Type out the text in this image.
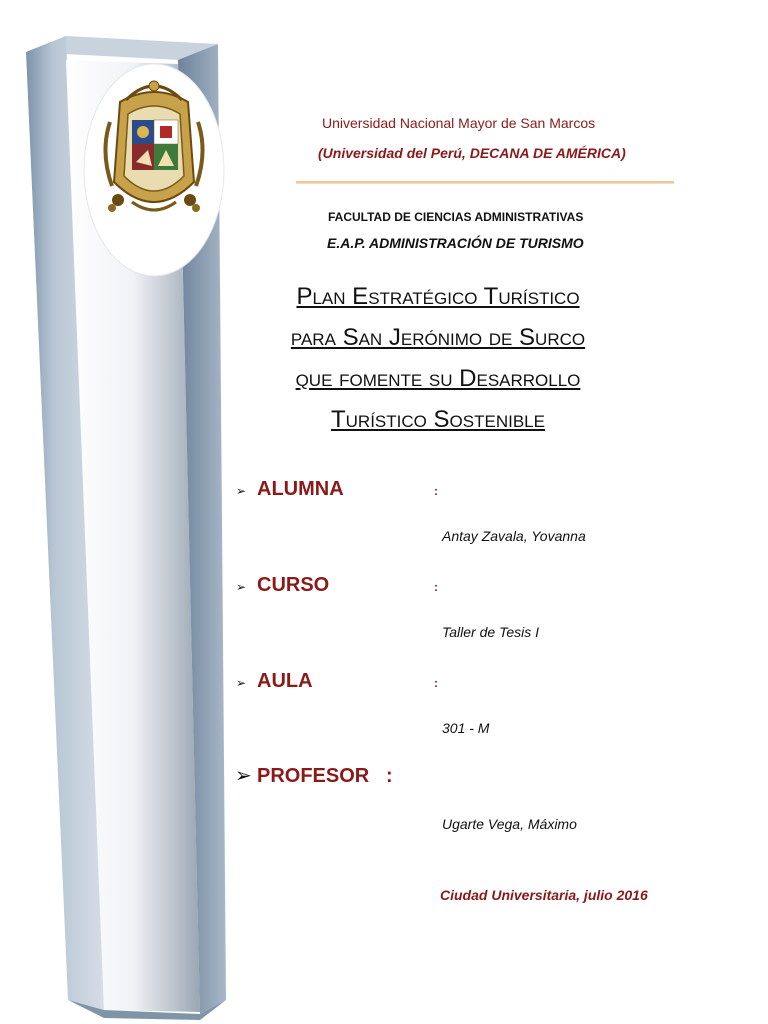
Universidad Nacional Mayor de San Marcos
(Universidad del Perú, DECANA DE AMÉRICA)
FACULTAD DE CIENCIAS ADMINISTRATIVAS
E.A.P. ADMINISTRACIÓN DE TURISMO
Plan Estratégico Turístico
para San Jerónimo de Surco
que fomente su Desarrollo
Turístico Sostenible
➢ ALUMNA	:
Antay Zavala, Yovanna
➢ CURSO	:
Taller de Tesis I
➢ AULA	:
301 - M
➢ PROFESOR :
Ugarte Vega, Máximo
Ciudad Universitaria, julio 2016
